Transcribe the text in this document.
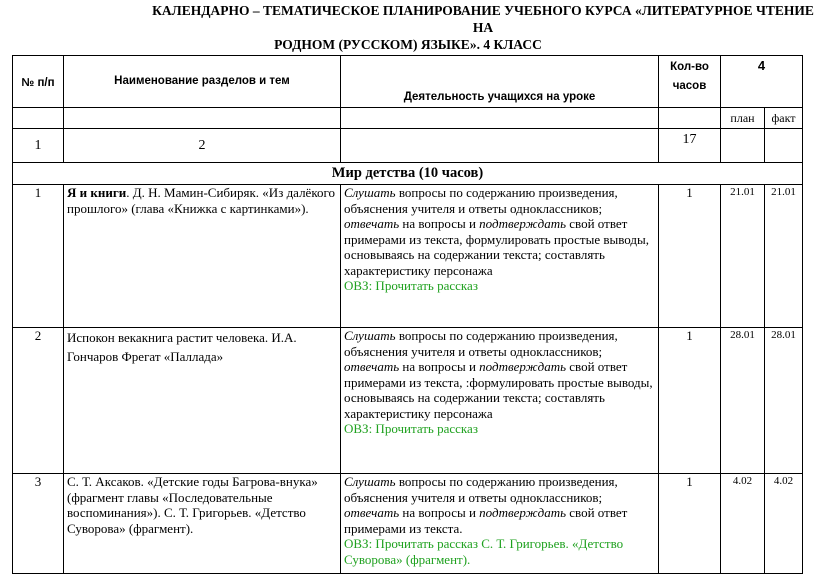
КАЛЕНДАРНО – ТЕМАТИЧЕСКОЕ ПЛАНИРОВАНИЕ УЧЕБНОГО КУРСА «ЛИТЕРАТУРНОЕ ЧТЕНИЕ НА
РОДНОМ (РУССКОМ) ЯЗЫКЕ». 4 КЛАСС
№ п/п	Наименование разделов и тем	Деятельность учащихся на уроке	Кол-во часов	4	
				план	факт
1	2		17		
Мир детства (10 часов)					
1	Я и книги. Д. Н. Мамин-Сибиряк. «Из далёкого прошлого» (глава «Книжка с картинками»).	Слушать вопросы по содержанию произведения, объяснения учителя и ответы одноклассников; отвечать на вопросы и подтверждать свой ответ примерами из текста, формулировать простые выводы, основываясь на содержании текста; составлять характеристику персонажа
ОВЗ: Прочитать рассказ	1	21.01	21.01
2	Испокон векакнига растит человека. И.А. Гончаров Фрегат «Паллада»	Слушать вопросы по содержанию произведения, объяснения учителя и ответы одноклассников; отвечать на вопросы и подтверждать свой ответ примерами из текста, :формулировать простые выводы, основываясь на содержании текста; составлять характеристику персонажа
ОВЗ: Прочитать рассказ	1	28.01	28.01
3	С. Т. Аксаков. «Детские годы Багрова-внука» (фрагмент главы «Последовательные воспоминания»). С. Т. Григорьев. «Детство Суворова» (фрагмент).	Слушать вопросы по содержанию произведения, объяснения учителя и ответы одноклассников; отвечать на вопросы и подтверждать свой ответ примерами из текста.
ОВЗ: Прочитать рассказ С. Т. Григорьев. «Детство Суворова» (фрагмент).	1	4.02	4.02
